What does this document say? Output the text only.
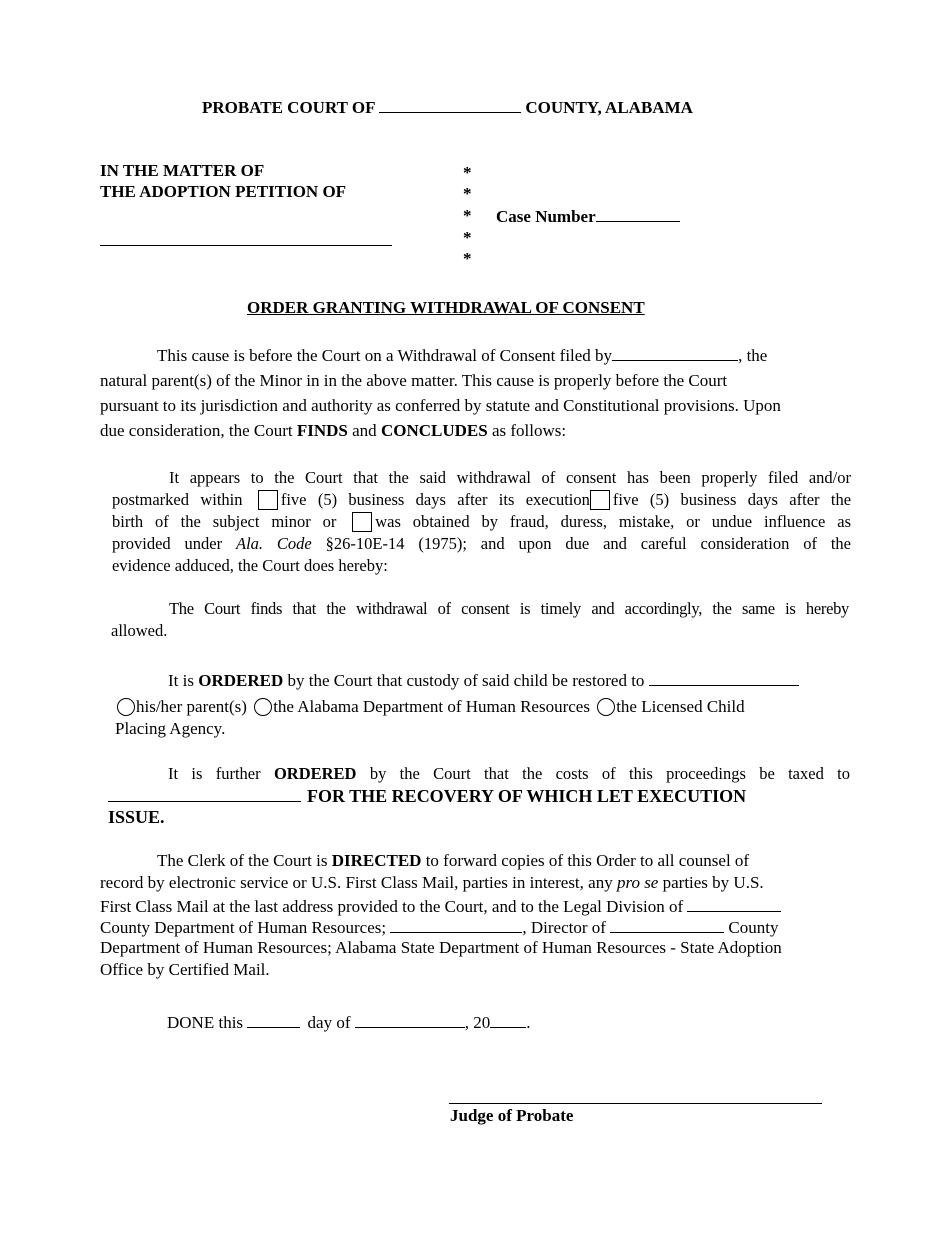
PROBATE COURT OF	COUNTY, ALABAMA
IN THE MATTER OF
THE ADOPTION PETITION OF
*
*
*
*
*
Case Number
ORDER GRANTING WITHDRAWAL OF CONSENT
This cause is before the Court on a Withdrawal of Consent filed by	, the
natural parent(s) of the Minor in in the above matter. This cause is properly before the Court
pursuant to its jurisdiction and authority as conferred by statute and Constitutional provisions. Upon
due consideration, the Court FINDS and CONCLUDES as follows:
It appears to the Court that the said withdrawal of consent has been properly filed and/or
postmarked within five (5) business days after its execution five (5) business days after the
birth of the subject minor or was obtained by fraud, duress, mistake, or undue influence as
provided under Ala. Code §26-10E-14 (1975); and upon due and careful consideration of the
evidence adduced, the Court does hereby:
The Court finds that the withdrawal of consent is timely and accordingly, the same is hereby
allowed.
It is ORDERED by the Court that custody of said child be restored to
his/her parent(s) the Alabama Department of Human Resources the Licensed Child
Placing Agency.
It is further ORDERED by the Court that the costs of this proceedings be taxed to
FOR THE RECOVERY OF WHICH LET EXECUTION
ISSUE.
The Clerk of the Court is DIRECTED to forward copies of this Order to all counsel of
record by electronic service or U.S. First Class Mail, parties in interest, any pro se parties by U.S.
First Class Mail at the last address provided to the Court, and to the Legal Division of
County Department of Human Resources;	, Director of	County
Department of Human Resources; Alabama State Department of Human Resources - State Adoption
Office by Certified Mail.
DONE this	day of	, 20 .
Judge of Probate
